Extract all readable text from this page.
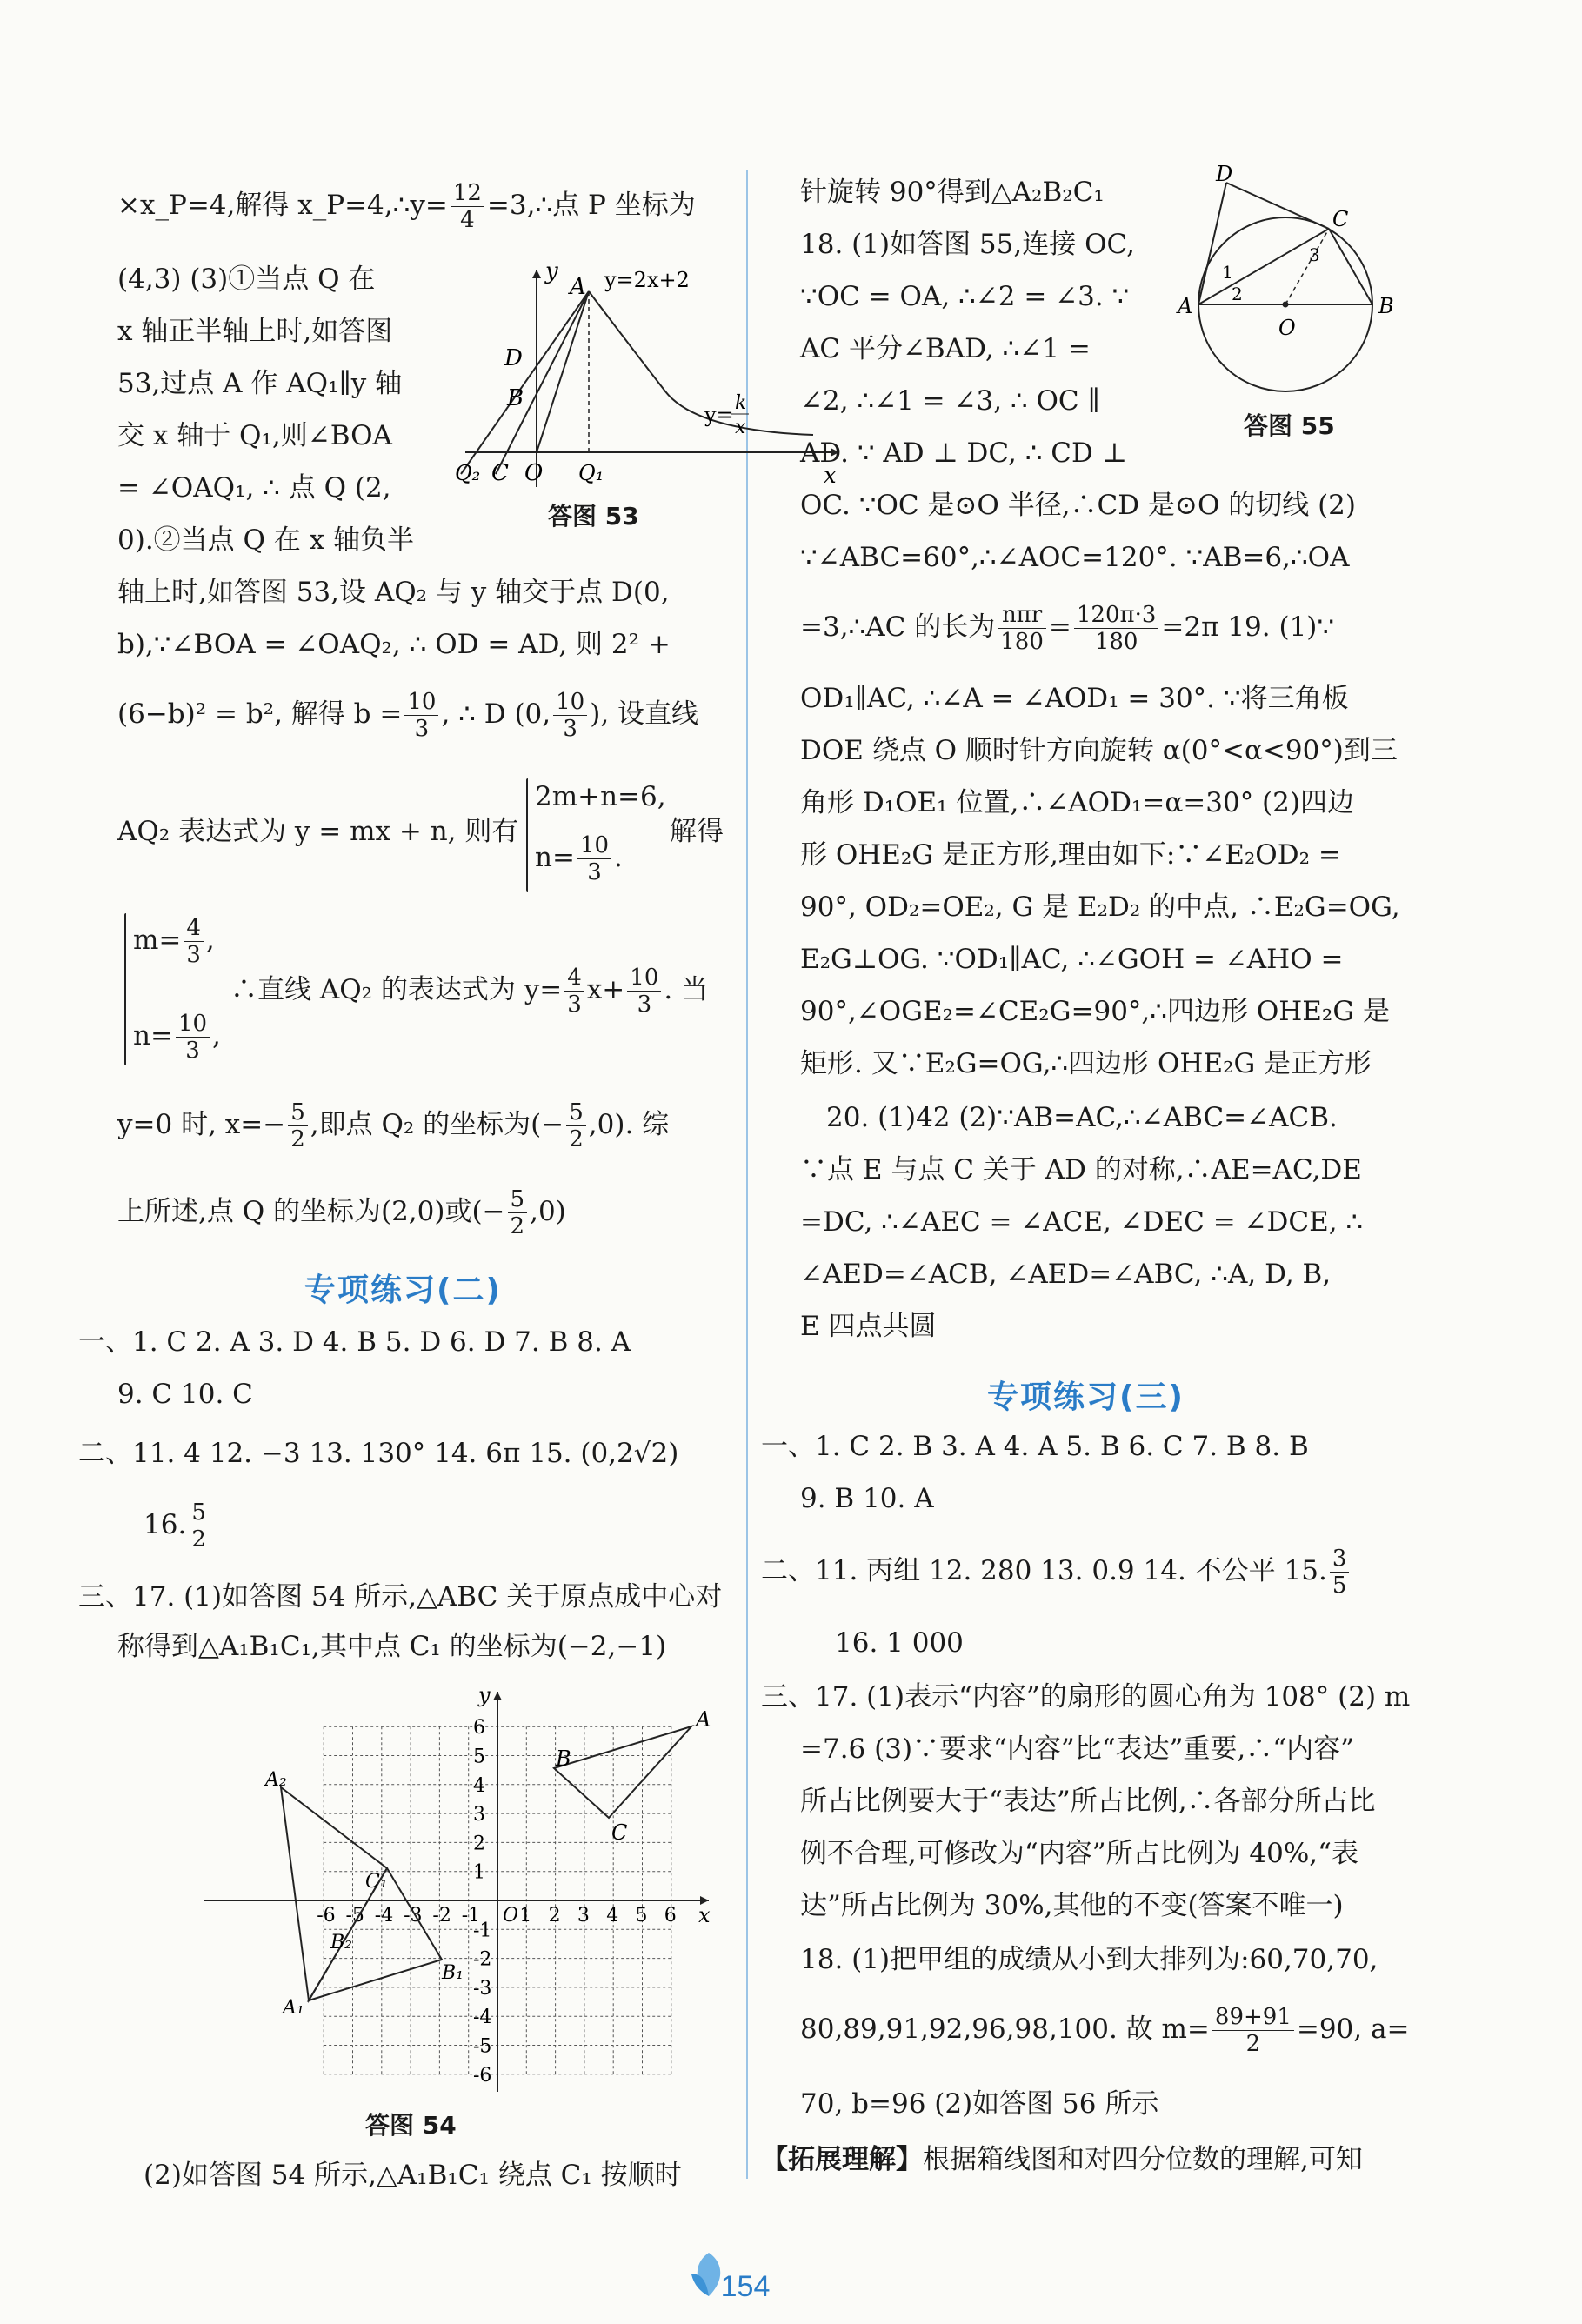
×x_P=4,解得 x_P=4,∴y= $\frac{12}{4}$ =3,∴点 P 坐标为
(4,3) (3)①当点 Q 在
x 轴正半轴上时,如答图
53,过点 A 作 AQ₁∥y 轴
交 x 轴于 Q₁,则∠BOA
= ∠OAQ₁, ∴ 点 Q (2,
0).②当点 Q 在 x 轴负半
y
x
A y=2x+2
D
B
y= k
x
Q₂ C O Q₁
答图 53
轴上时,如答图 53,设 AQ₂ 与 y 轴交于点 D(0,
b),∵∠BOA = ∠OAQ₂, ∴ OD = AD, 则 2² +
(6−b)² = b², 解得 $b = \frac{10}{3}$ , ∴ D (0, $\frac{10}{3}$ ), 设直线
AQ₂ 表达式为 y = mx + n, 则有
2m+n=6,
$n= \frac{10}{3}$ .
解得
$m= \frac{4}{3}$ ,
$n= \frac{10}{3}$ ,
∴直线 AQ₂ 的表达式为 $y= \frac{4}{3} x+ \frac{10}{3}$ . 当
y=0 时, $x=- \frac{5}{2}$ ,即点 Q₂ 的坐标为(− $\frac{5}{2} ,0$). 综
上所述,点 Q 的坐标为(2,0)或(− $\frac{5}{2} ,0$)
专项练习(二)
一、1. C 2. A 3. D 4. B 5. D 6. D 7. B 8. A
9. C 10. C
二、11. 4 12. −3 13. 130° 14. 6π 15. (0,2√2)
16. $\frac{5}{2}$
三、17. (1)如答图 54 所示,△ABC 关于原点成中心对
称得到△A₁B₁C₁,其中点 C₁ 的坐标为(−2,−1)
y
x
-6
-6
-5
-5
-4
-4
-3
-3
-2
-2
-1
-1
1
1
2
2
3
3
4
4
5
5
6
6
O
B
A
C
B₁
A₁
A₂
C₁
B₂
答图 54
(2)如答图 54 所示,△A₁B₁C₁ 绕点 C₁ 按顺时
针旋转 90°得到△A₂B₂C₁
18. (1)如答图 55,连接 OC,
∵OC = OA, ∴∠2 = ∠3. ∵
AC 平分∠BAD, ∴∠1 =
∠2, ∴∠1 = ∠3, ∴ OC ∥
AD. ∵ AD ⊥ DC, ∴ CD ⊥
D
C
A	B
O
1
2
3
答图 55
OC. ∵OC 是⊙O 半径,∴CD 是⊙O 的切线 (2)
∵∠ABC=60°,∴∠AOC=120°. ∵AB=6,∴OA
=3,∴AC 的长为 $\frac{\text{nπr}}{180} = \frac{120\pi\cdot 3}{180} =2\pi$ 19. (1)∵
OD₁∥AC, ∴∠A = ∠AOD₁ = 30°. ∵将三角板
DOE 绕点 O 顺时针方向旋转 α(0°<α<90°)到三
角形 D₁OE₁ 位置,∴∠AOD₁=α=30° (2)四边
形 OHE₂G 是正方形,理由如下:∵∠E₂OD₂ =
90°, OD₂=OE₂, G 是 E₂D₂ 的中点, ∴E₂G=OG,
E₂G⊥OG. ∵OD₁∥AC, ∴∠GOH = ∠AHO =
90°,∠OGE₂=∠CE₂G=90°,∴四边形 OHE₂G 是
矩形. 又∵E₂G=OG,∴四边形 OHE₂G 是正方形
20. (1)42 (2)∵AB=AC,∴∠ABC=∠ACB.
∵点 E 与点 C 关于 AD 的对称,∴AE=AC,DE
=DC, ∴∠AEC = ∠ACE, ∠DEC = ∠DCE, ∴
∠AED=∠ACB, ∠AED=∠ABC, ∴A, D, B,
E 四点共圆
专项练习(三)
一、1. C 2. B 3. A 4. A 5. B 6. C 7. B 8. B
9. B 10. A
二、11. 丙组 12. 280 13. 0.9 14. 不公平 15. $\frac{3}{5}$
16. 1 000
三、17. (1)表示“内容”的扇形的圆心角为 108° (2) m
=7.6 (3)∵要求“内容”比“表达”重要,∴“内容”
所占比例要大于“表达”所占比例,∴各部分所占比
例不合理,可修改为“内容”所占比例为 40%,“表
达”所占比例为 30%,其他的不变(答案不唯一)
18. (1)把甲组的成绩从小到大排列为:60,70,70,
80,89,91,92,96,98,100. 故 $m= \frac{89+91}{2} =90$, a=
70, b=96 (2)如答图 56 所示
【拓展理解】根据箱线图和对四分位数的理解,可知
154
